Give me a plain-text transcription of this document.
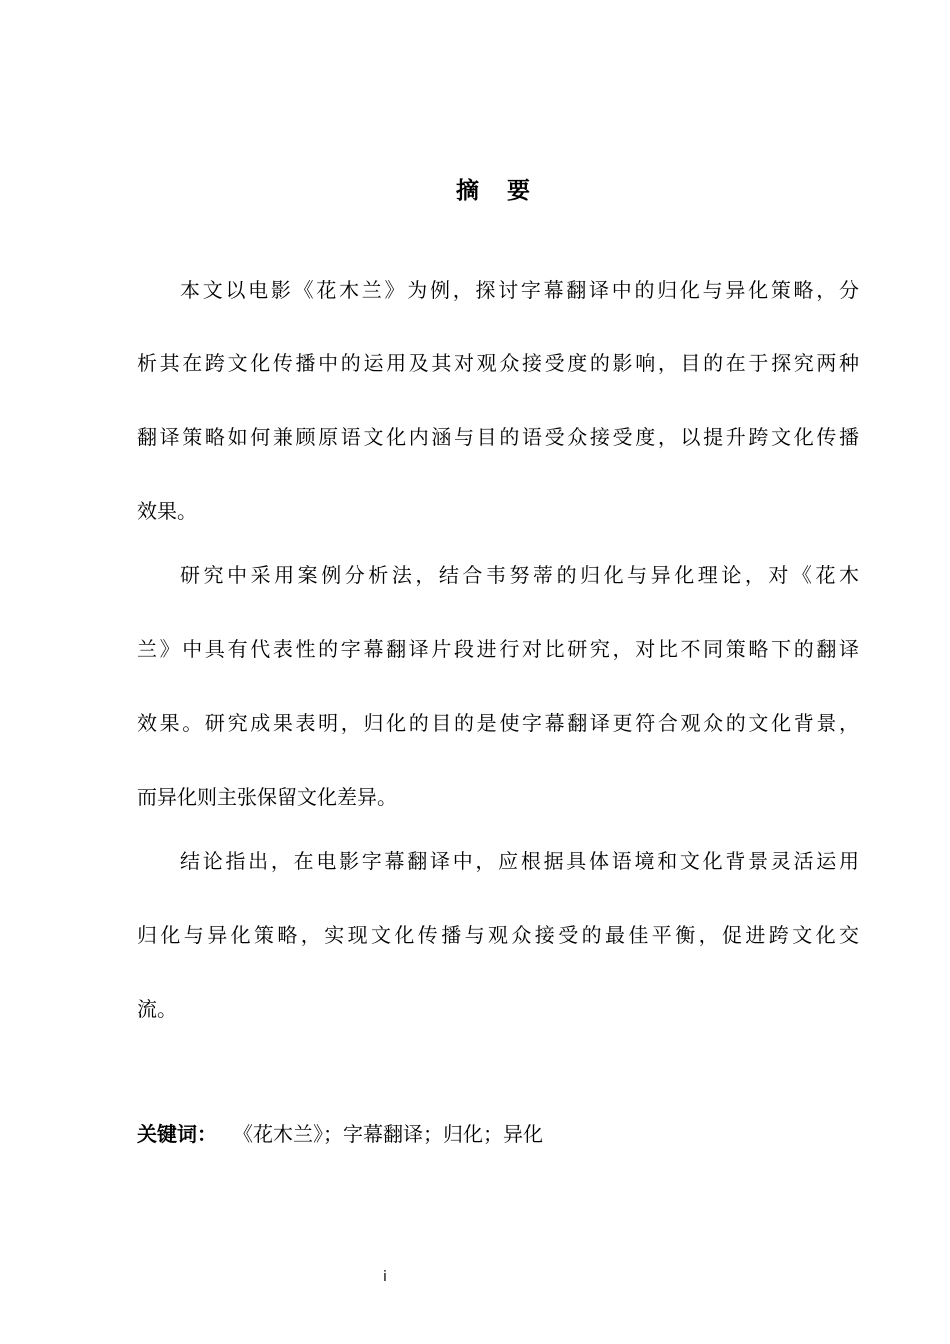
摘 要
本文以电影《花木兰》为例，探讨字幕翻译中的归化与异化策略，分
析其在跨文化传播中的运用及其对观众接受度的影响，目的在于探究两种
翻译策略如何兼顾原语文化内涵与目的语受众接受度，以提升跨文化传播
效果。
研究中采用案例分析法，结合韦努蒂的归化与异化理论，对《花木
兰》中具有代表性的字幕翻译片段进行对比研究，对比不同策略下的翻译
效果。研究成果表明，归化的目的是使字幕翻译更符合观众的文化背景，
而异化则主张保留文化差异。
结论指出，在电影字幕翻译中，应根据具体语境和文化背景灵活运用
归化与异化策略，实现文化传播与观众接受的最佳平衡，促进跨文化交
流。
关键词： 《花木兰》；字幕翻译；归化；异化
i
